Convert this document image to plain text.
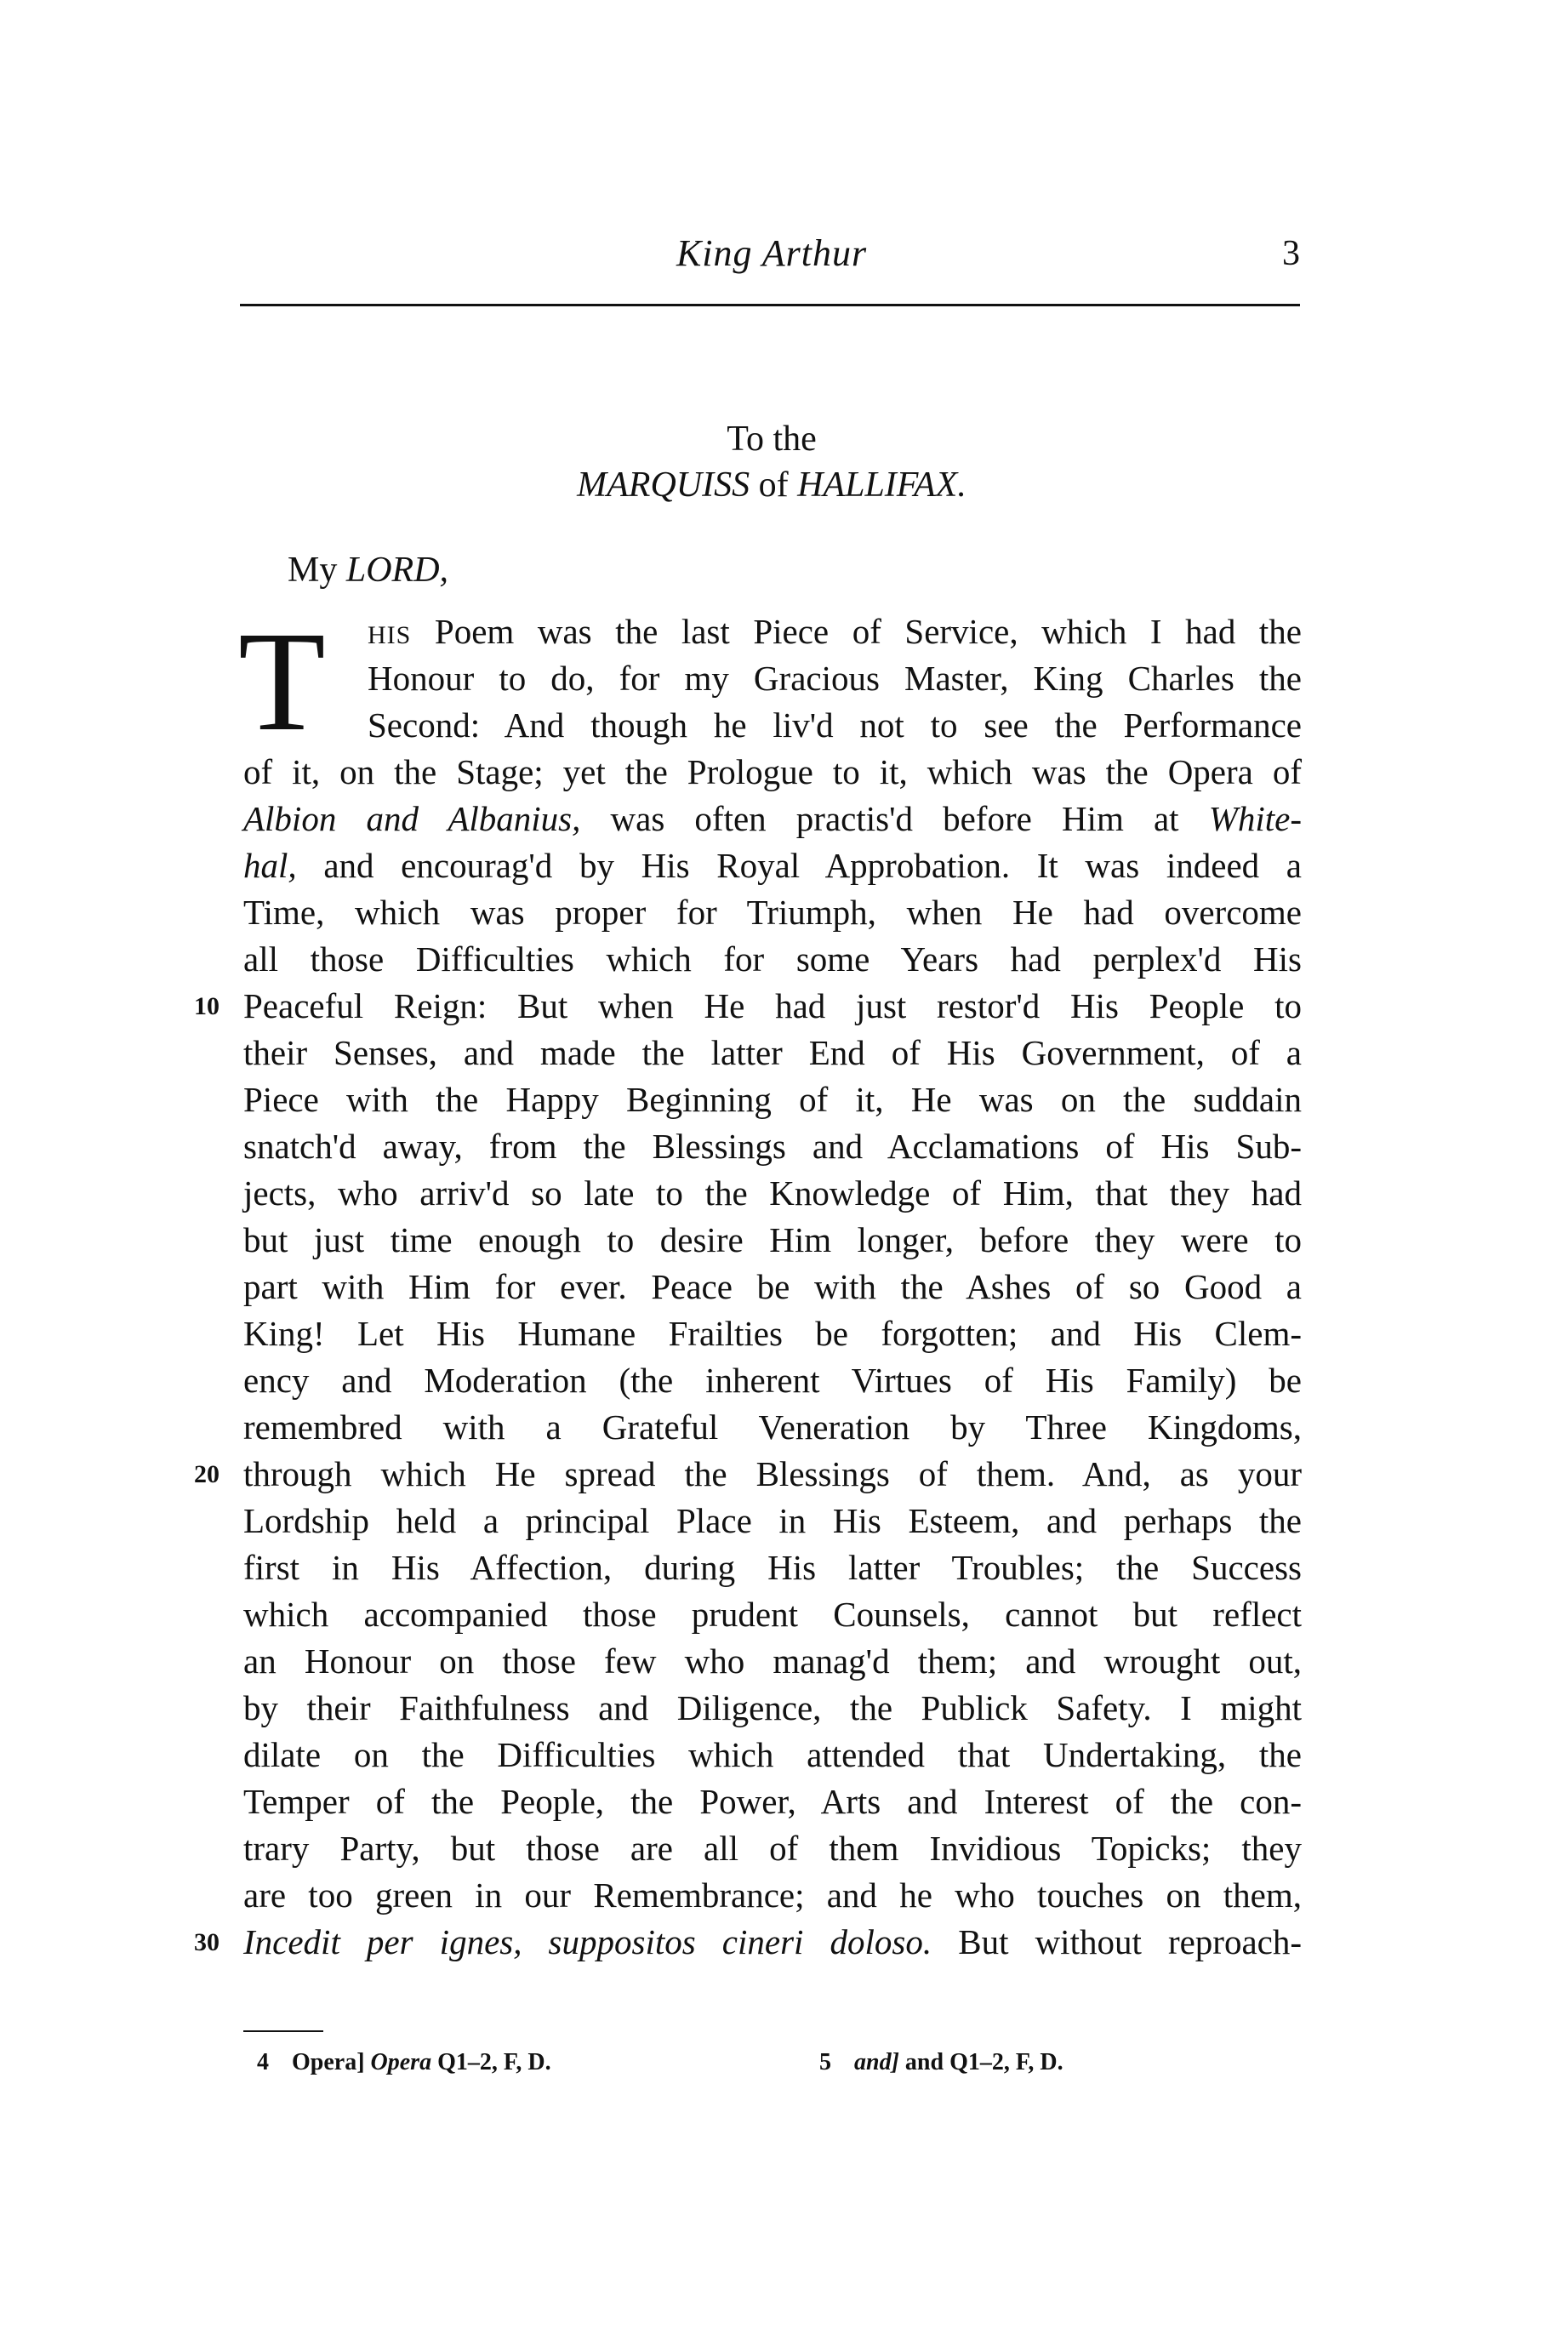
King Arthur	3
To the
MARQUISS of HALLIFAX.
My LORD,
T HIS Poem was the last Piece of Service, which I had the
Honour to do, for my Gracious Master, King Charles the
Second: And though he liv'd not to see the Performance
of it, on the Stage; yet the Prologue to it, which was the Opera of
Albion and Albanius, was often practis'd before Him at White-
hal, and encourag'd by His Royal Approbation. It was indeed a
Time, which was proper for Triumph, when He had overcome
all those Difficulties which for some Years had perplex'd His
Peaceful Reign: But when He had just restor'd His People to
their Senses, and made the latter End of His Government, of a
Piece with the Happy Beginning of it, He was on the suddain
snatch'd away, from the Blessings and Acclamations of His Sub-
jects, who arriv'd so late to the Knowledge of Him, that they had
but just time enough to desire Him longer, before they were to
part with Him for ever. Peace be with the Ashes of so Good a
King! Let His Humane Frailties be forgotten; and His Clem-
ency and Moderation (the inherent Virtues of His Family) be
remembred with a Grateful Veneration by Three Kingdoms,
through which He spread the Blessings of them. And, as your
Lordship held a principal Place in His Esteem, and perhaps the
first in His Affection, during His latter Troubles; the Success
which accompanied those prudent Counsels, cannot but reflect
an Honour on those few who manag'd them; and wrought out,
by their Faithfulness and Diligence, the Publick Safety. I might
dilate on the Difficulties which attended that Undertaking, the
Temper of the People, the Power, Arts and Interest of the con-
trary Party, but those are all of them Invidious Topicks; they
are too green in our Remembrance; and he who touches on them,
Incedit per ignes, suppositos cineri doloso. But without reproach-
10
20
30
4 Opera] Opera Q1–2, F, D.	5 and] and Q1–2, F, D.
